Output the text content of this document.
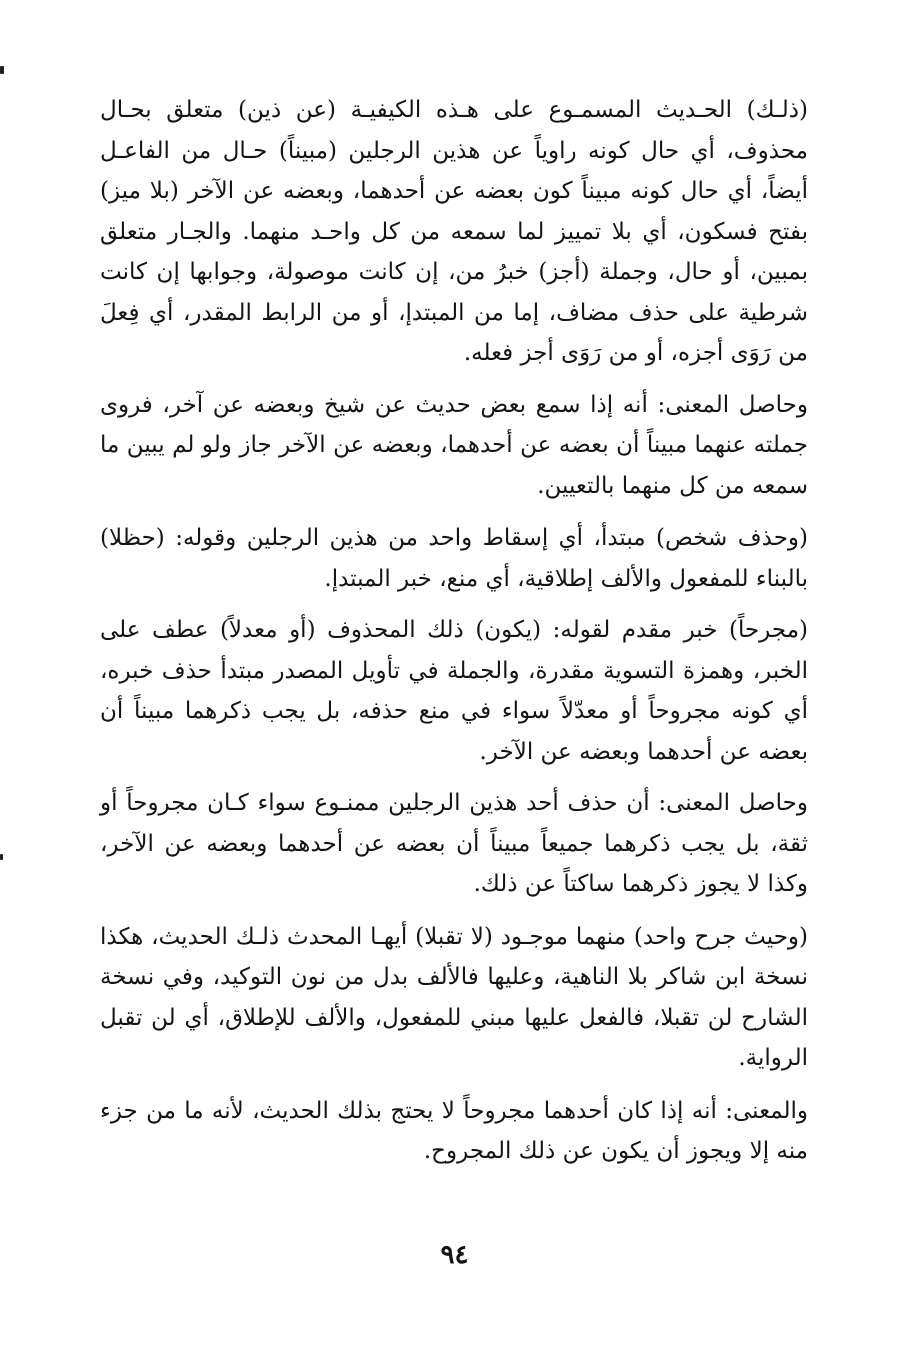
(ذلـك) الحـديث المسمـوع على هـذه الكيفيـة (عن ذين) متعلق بحـال محذوف، أي حال كونه راوياً عن هذين الرجلين (مبيناً) حـال من الفاعـل أيضاً، أي حال كونه مبيناً كون بعضه عن أحدهما، وبعضه عن الآخر (بلا ميز) بفتح فسكون، أي بلا تمييز لما سمعه من كل واحـد منهما. والجـار متعلق بمبين، أو حال، وجملة (أجز) خبرُ من، إن كانت موصولة، وجوابها إن كانت شرطية على حذف مضاف، إما من المبتدإ، أو من الرابط المقدر، أي فِعلَ من رَوَى أجزه، أو من رَوَى أجز فعله.

وحاصل المعنى: أنه إذا سمع بعض حديث عن شيخ وبعضه عن آخر، فروى جملته عنهما مبيناً أن بعضه عن أحدهما، وبعضه عن الآخر جاز ولو لم يبين ما سمعه من كل منهما بالتعيين.

(وحذف شخص) مبتدأ، أي إسقاط واحد من هذين الرجلين وقوله: (حظلا) بالبناء للمفعول والألف إطلاقية، أي منع، خبر المبتدإ.

(مجرحاً) خبر مقدم لقوله: (يكون) ذلك المحذوف (أو معدلاً) عطف على الخبر، وهمزة التسوية مقدرة، والجملة في تأويل المصدر مبتدأ حذف خبره، أي كونه مجروحاً أو معدّلاً سواء في منع حذفه، بل يجب ذكرهما مبيناً أن بعضه عن أحدهما وبعضه عن الآخر.

وحاصل المعنى: أن حذف أحد هذين الرجلين ممنـوع سواء كـان مجروحاً أو ثقة، بل يجب ذكرهما جميعاً مبيناً أن بعضه عن أحدهما وبعضه عن الآخر، وكذا لا يجوز ذكرهما ساكتاً عن ذلك.

(وحيث جرح واحد) منهما موجـود (لا تقبلا) أيهـا المحدث ذلـك الحديث، هكذا نسخة ابن شاكر بلا الناهية، وعليها فالألف بدل من نون التوكيد، وفي نسخة الشارح لن تقبلا، فالفعل عليها مبني للمفعول، والألف للإطلاق، أي لن تقبل الرواية.

والمعنى: أنه إذا كان أحدهما مجروحاً لا يحتج بذلك الحديث، لأنه ما من جزء منه إلا ويجوز أن يكون عن ذلك المجروح.

٩٤
